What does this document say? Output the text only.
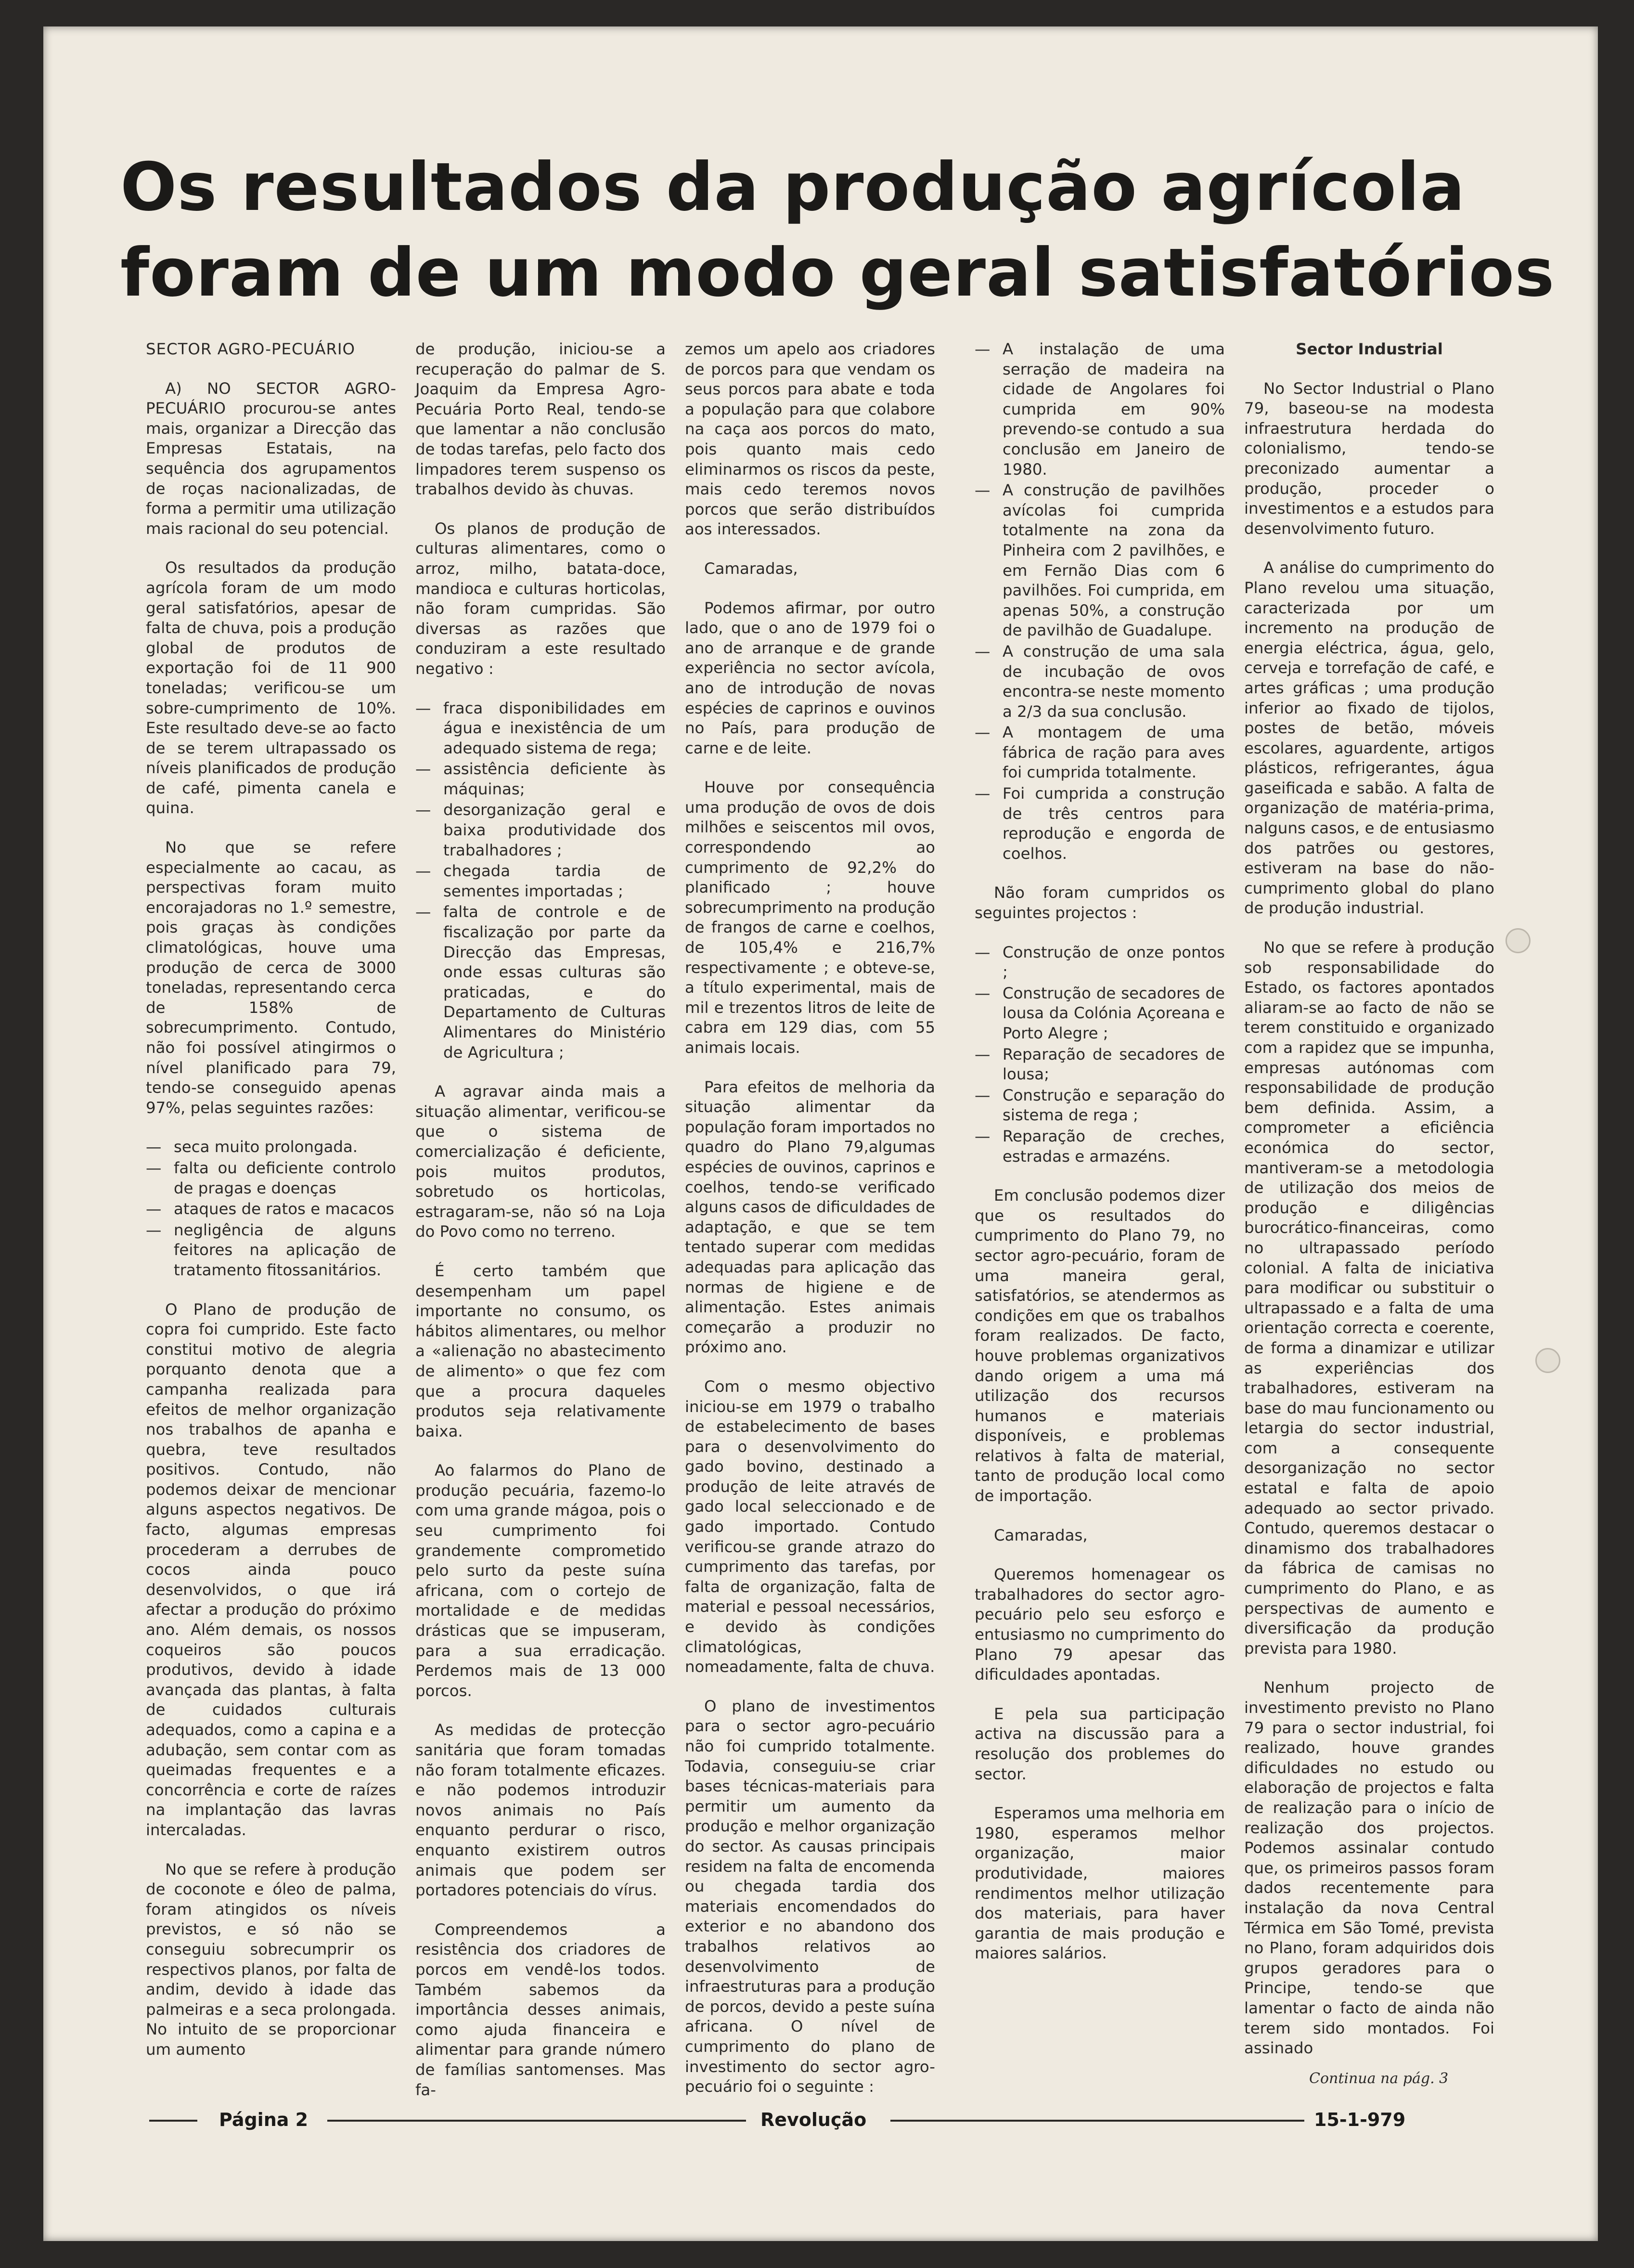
Os resultados da produção agrícola
foram de um modo geral satisfatórios
SECTOR AGRO-PECUÁRIO

A) NO SECTOR AGRO-PECUÁRIO procurou-se antes mais, organizar a Direcção das Empresas Estatais, na sequência dos agrupamentos de roças nacionalizadas, de forma a permitir uma utilização mais racional do seu potencial.

Os resultados da produção agrícola foram de um modo geral satisfatórios, apesar de falta de chuva, pois a produção global de produtos de exportação foi de 11 900 toneladas; verificou-se um sobre-cumprimento de 10%. Este resultado deve-se ao facto de se terem ultrapassado os níveis planificados de produção de café, pimenta canela e quina.

No que se refere especialmente ao cacau, as perspectivas foram muito encorajadoras no 1.º semestre, pois graças às condições climatológicas, houve uma produção de cerca de 3000 toneladas, representando cerca de 158% de sobrecumprimento. Contudo, não foi possível atingirmos o nível planificado para 79, tendo-se conseguido apenas 97%, pelas seguintes razões:

— seca muito prolongada.
— falta ou deficiente controlo de pragas e doenças
— ataques de ratos e macacos
— negligência de alguns feitores na aplicação de tratamento fitossanitários.

O Plano de produção de copra foi cumprido. Este facto constitui motivo de alegria porquanto denota que a campanha realizada para efeitos de melhor organização nos trabalhos de apanha e quebra, teve resultados positivos. Contudo, não podemos deixar de mencionar alguns aspectos negativos. De facto, algumas empresas procederam a derrubes de cocos ainda pouco desenvolvidos, o que irá afectar a produção do próximo ano. Além demais, os nossos coqueiros são poucos produtivos, devido à idade avançada das plantas, à falta de cuidados culturais adequados, como a capina e a adubação, sem contar com as queimadas frequentes e a concorrência e corte de raízes na implantação das lavras intercaladas.

No que se refere à produção de coconote e óleo de palma, foram atingidos os níveis previstos, e só não se conseguiu sobrecumprir os respectivos planos, por falta de andim, devido à idade das palmeiras e a seca prolongada. No intuito de se proporcionar um aumento

de produção, iniciou-se a recuperação do palmar de S. Joaquim da Empresa Agro-Pecuária Porto Real, tendo-se que lamentar a não conclusão de todas tarefas, pelo facto dos limpadores terem suspenso os trabalhos devido às chuvas.

Os planos de produção de culturas alimentares, como o arroz, milho, batata-doce, mandioca e culturas horticolas, não foram cumpridas. São diversas as razões que conduziram a este resultado negativo :

— fraca disponibilidades em água e inexistência de um adequado sistema de rega;
— assistência deficiente às máquinas;
— desorganização geral e baixa produtividade dos trabalhadores ;
— chegada tardia de sementes importadas ;
— falta de controle e de fiscalização por parte da Direcção das Empresas, onde essas culturas são praticadas, e do Departamento de Culturas Alimentares do Ministério de Agricultura ;

A agravar ainda mais a situação alimentar, verificou-se que o sistema de comercialização é deficiente, pois muitos produtos, sobretudo os horticolas, estragaram-se, não só na Loja do Povo como no terreno.

É certo também que desempenham um papel importante no consumo, os hábitos alimentares, ou melhor a «alienação no abastecimento de alimento» o que fez com que a procura daqueles produtos seja relativamente baixa.

Ao falarmos do Plano de produção pecuária, fazemo-lo com uma grande mágoa, pois o seu cumprimento foi grandemente comprometido pelo surto da peste suína africana, com o cortejo de mortalidade e de medidas drásticas que se impuseram, para a sua erradicação. Perdemos mais de 13 000 porcos.

As medidas de protecção sanitária que foram tomadas não foram totalmente eficazes. e não podemos introduzir novos animais no País enquanto perdurar o risco, enquanto existirem outros animais que podem ser portadores potenciais do vírus.

Compreendemos a resistência dos criadores de porcos em vendê-los todos. Também sabemos da importância desses animais, como ajuda financeira e alimentar para grande número de famílias santomenses. Mas fa-

zemos um apelo aos criadores de porcos para que vendam os seus porcos para abate e toda a população para que colabore na caça aos porcos do mato, pois quanto mais cedo eliminarmos os riscos da peste, mais cedo teremos novos porcos que serão distribuídos aos interessados.

Camaradas,

Podemos afirmar, por outro lado, que o ano de 1979 foi o ano de arranque e de grande experiência no sector avícola, ano de introdução de novas espécies de caprinos e ouvinos no País, para produção de carne e de leite.

Houve por consequência uma produção de ovos de dois milhões e seiscentos mil ovos, correspondendo ao cumprimento de 92,2% do planificado ; houve sobrecumprimento na produção de frangos de carne e coelhos, de 105,4% e 216,7% respectivamente ; e obteve-se, a título experimental, mais de mil e trezentos litros de leite de cabra em 129 dias, com 55 animais locais.

Para efeitos de melhoria da situação alimentar da população foram importados no quadro do Plano 79,algumas espécies de ouvinos, caprinos e coelhos, tendo-se verificado alguns casos de dificuldades de adaptação, e que se tem tentado superar com medidas adequadas para aplicação das normas de higiene e de alimentação. Estes animais começarão a produzir no próximo ano.

Com o mesmo objectivo iniciou-se em 1979 o trabalho de estabelecimento de bases para o desenvolvimento do gado bovino, destinado a produção de leite através de gado local seleccionado e de gado importado. Contudo verificou-se grande atrazo do cumprimento das tarefas, por falta de organização, falta de material e pessoal necessários, e devido às condições climatológicas, nomeadamente, falta de chuva.

O plano de investimentos para o sector agro-pecuário não foi cumprido totalmente. Todavia, conseguiu-se criar bases técnicas-materiais para permitir um aumento da produção e melhor organização do sector. As causas principais residem na falta de encomenda ou chegada tardia dos materiais encomendados do exterior e no abandono dos trabalhos relativos ao desenvolvimento de infraestruturas para a produção de porcos, devido a peste suína africana. O nível de cumprimento do plano de investimento do sector agro-pecuário foi o seguinte :

— A instalação de uma serração de madeira na cidade de Angolares foi cumprida em 90% prevendo-se contudo a sua conclusão em Janeiro de 1980.
— A construção de pavilhões avícolas foi cumprida totalmente na zona da Pinheira com 2 pavilhões, e em Fernão Dias com 6 pavilhões. Foi cumprida, em apenas 50%, a construção de pavilhão de Guadalupe.
— A construção de uma sala de incubação de ovos encontra-se neste momento a 2/3 da sua conclusão.
— A montagem de uma fábrica de ração para aves foi cumprida totalmente.
— Foi cumprida a construção de três centros para reprodução e engorda de coelhos.

Não foram cumpridos os seguintes projectos :

— Construção de onze pontos ;
— Construção de secadores de lousa da Colónia Açoreana e Porto Alegre ;
— Reparação de secadores de lousa;
— Construção e separação do sistema de rega ;
— Reparação de creches, estradas e armazéns.

Em conclusão podemos dizer que os resultados do cumprimento do Plano 79, no sector agro-pecuário, foram de uma maneira geral, satisfatórios, se atendermos as condições em que os trabalhos foram realizados. De facto, houve problemas organizativos dando origem a uma má utilização dos recursos humanos e materiais disponíveis, e problemas relativos à falta de material, tanto de produção local como de importação.

Camaradas,

Queremos homenagear os trabalhadores do sector agro-pecuário pelo seu esforço e entusiasmo no cumprimento do Plano 79 apesar das dificuldades apontadas.

E pela sua participação activa na discussão para a resolução dos problemes do sector.

Esperamos uma melhoria em 1980, esperamos melhor organização, maior produtividade, maiores rendimentos melhor utilização dos materiais, para haver garantia de mais produção e maiores salários.

Sector Industrial

No Sector Industrial o Plano 79, baseou-se na modesta infraestrutura herdada do colonialismo, tendo-se preconizado aumentar a produção, proceder o investimentos e a estudos para desenvolvimento futuro.

A análise do cumprimento do Plano revelou uma situação, caracterizada por um incremento na produção de energia eléctrica, água, gelo, cerveja e torrefação de café, e artes gráficas ; uma produção inferior ao fixado de tijolos, postes de betão, móveis escolares, aguardente, artigos plásticos, refrigerantes, água gaseificada e sabão. A falta de organização de matéria-prima, nalguns casos, e de entusiasmo dos patrões ou gestores, estiveram na base do não-cumprimento global do plano de produção industrial.

No que se refere à produção sob responsabilidade do Estado, os factores apontados aliaram-se ao facto de não se terem constituido e organizado com a rapidez que se impunha, empresas autónomas com responsabilidade de produção bem definida. Assim, a comprometer a eficiência económica do sector, mantiveram-se a metodologia de utilização dos meios de produção e diligências burocrático-financeiras, como no ultrapassado período colonial. A falta de iniciativa para modificar ou substituir o ultrapassado e a falta de uma orientação correcta e coerente, de forma a dinamizar e utilizar as experiências dos trabalhadores, estiveram na base do mau funcionamento ou letargia do sector industrial, com a consequente desorganização no sector estatal e falta de apoio adequado ao sector privado. Contudo, queremos destacar o dinamismo dos trabalhadores da fábrica de camisas no cumprimento do Plano, e as perspectivas de aumento e diversificação da produção prevista para 1980.

Nenhum projecto de investimento previsto no Plano 79 para o sector industrial, foi realizado, houve grandes dificuldades no estudo ou elaboração de projectos e falta de realização para o início de realização dos projectos. Podemos assinalar contudo que, os primeiros passos foram dados recentemente para instalação da nova Central Térmica em São Tomé, prevista no Plano, foram adquiridos dois grupos geradores para o Principe, tendo-se que lamentar o facto de ainda não terem sido montados. Foi assinado

Continua na pág. 3
Página 2	Revolução	15-1-979
